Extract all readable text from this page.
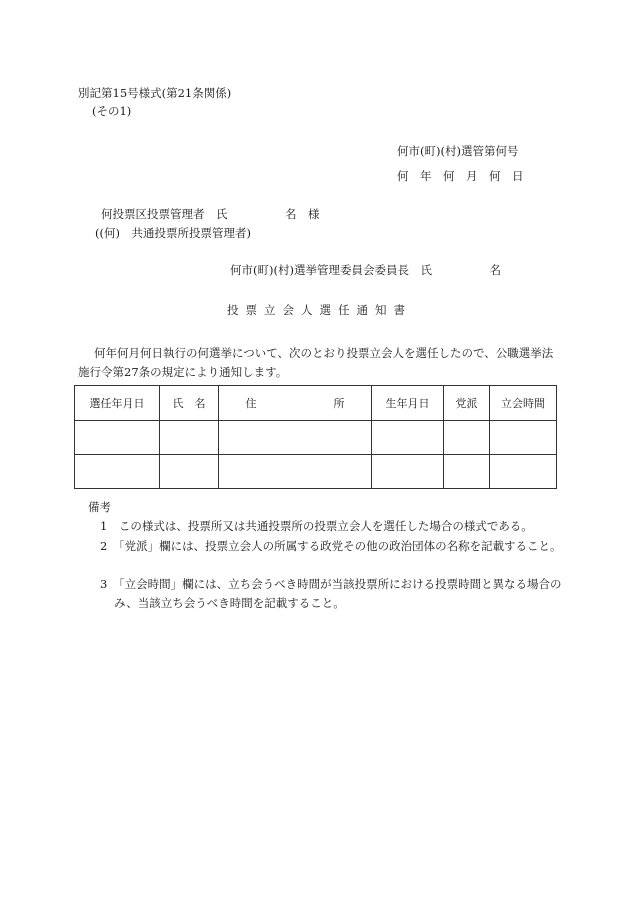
別記第15号様式(第21条関係)
(その1)
何市(町)(村)選管第何号
何　年　何　月　何　日
何投票区投票管理者　氏　　　　　名　様
((何)　共通投票所投票管理者)
何市(町)(村)選挙管理委員会委員長　氏　　　　　名
投票立会人選任通知書
何年何月何日執行の何選挙について、次のとおり投票立会人を選任したので、公職選挙法施行令第27条の規定により通知します。
選任年月日	氏　名	住　　　　　　　所	生年月日	党派	立会時間

備考
1　この様式は、投票所又は共通投票所の投票立会人を選任した場合の様式である。
2　「党派」欄には、投票立会人の所属する政党その他の政治団体の名称を記載すること。
3　「立会時間」欄には、立ち会うべき時間が当該投票所における投票時間と異なる場合のみ、当該立ち会うべき時間を記載すること。
